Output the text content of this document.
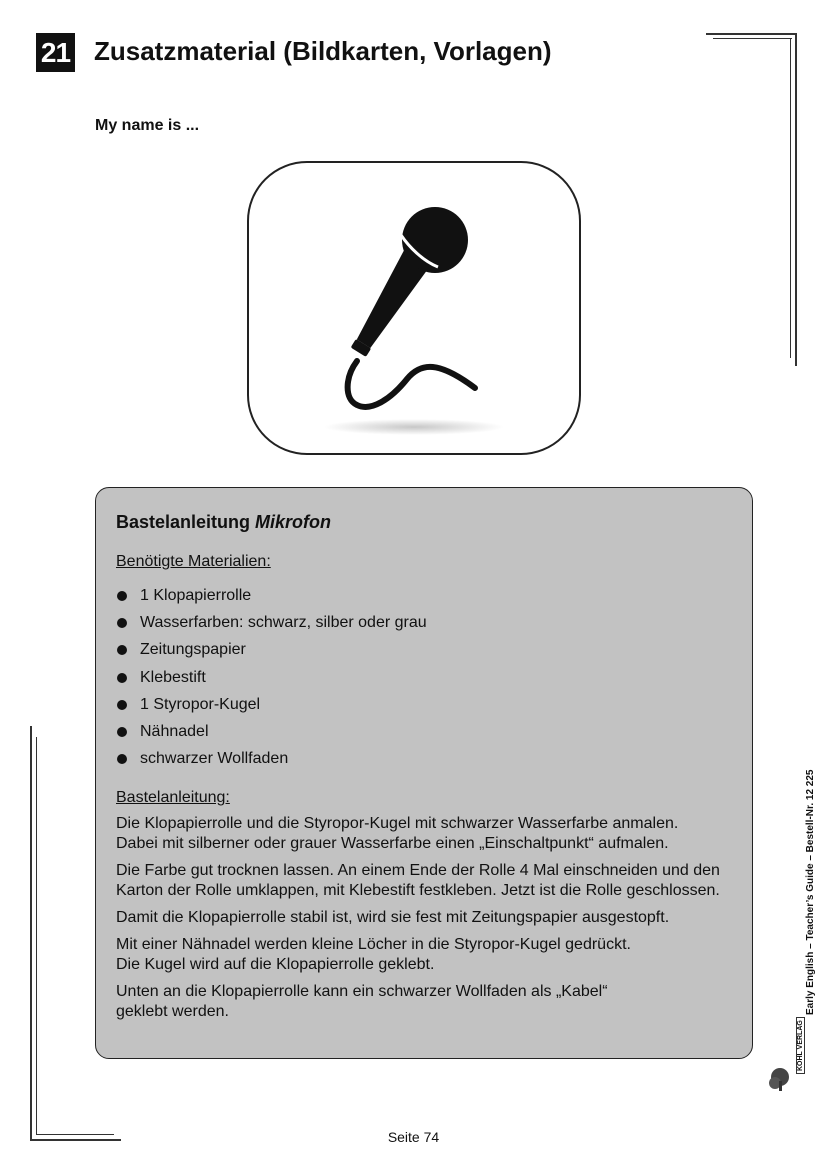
21 Zusatzmaterial (Bildkarten, Vorlagen)
My name is ...
Bastelanleitung Mikrofon

Benötigte Materialien:

1 Klopapierrolle
Wasserfarben: schwarz, silber oder grau
Zeitungspapier
Klebestift
1 Styropor-Kugel
Nähnadel
schwarzer Wollfaden

Bastelanleitung:

Die Klopapierrolle und die Styropor-Kugel mit schwarzer Wasserfarbe anmalen.
Dabei mit silberner oder grauer Wasserfarbe einen „Einschaltpunkt“ aufmalen.

Die Farbe gut trocknen lassen. An einem Ende der Rolle 4 Mal einschneiden und den
Karton der Rolle umklappen, mit Klebestift festkleben. Jetzt ist die Rolle geschlossen.

Damit die Klopapierrolle stabil ist, wird sie fest mit Zeitungspapier ausgestopft.

Mit einer Nähnadel werden kleine Löcher in die Styropor-Kugel gedrückt.
Die Kugel wird auf die Klopapierrolle geklebt.

Unten an die Klopapierrolle kann ein schwarzer Wollfaden als „Kabel“
geklebt werden.	Early English – Teacher’s Guide – Bestell-Nr. 12 225
KOHL VERLAG
Seite 74
